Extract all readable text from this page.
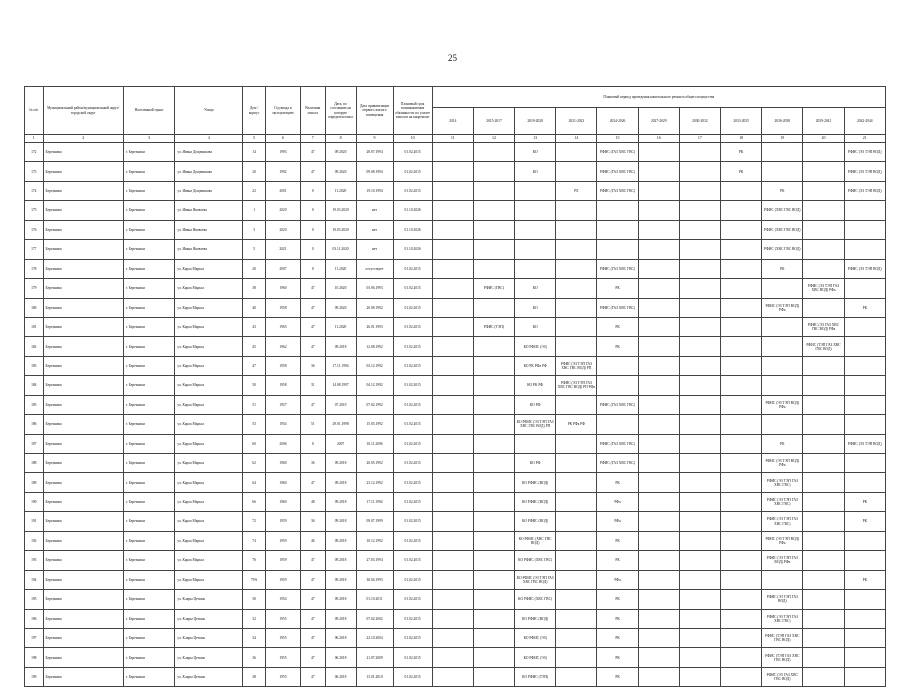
25
№ п/п	Муниципальный район/муниципальный округ/городской округ	Населенный пункт	Улица	Дом / корпус	Год ввода в эксплуатацию	Величина износа	Дата, по состоянию на которую определен износ	Дата приватизации первого жилого помещения	Плановый срок возникновения обязанности по уплате взносов на капремонт	Плановый период проведения капитального ремонта общего имущества										
										2014	2015-2017	2018-2020	2021-2023	2024-2026	2027-2029	2030-2032	2033-2035	2036-2038	2039-2041	2042-2044
1	2	3	4	5	6	7	8	9	10	11	12	13	14	15	16	17	18	19	20	21
172	Березники	г. Березники	ул. Ивана Дощеникова	14	1993	47	09.2020	28.07.1994	01.02.2015			КО		РФИС (ГАЗ ХВС ГВС)			РК			РФИС (ЭЗ ТЭП ВОД)
173	Березники	г. Березники	ул. Ивана Дощеникова	20	1992	47	09.2020	09.08.1994	01.02.2015			КО		РФИС (ГАЗ ХВС ГВС)			РК			РФИС (ЭЗ ТЭП ВОД)
174	Березники	г. Березники	ул. Ивана Дощеникова	22	2001	0	11.2020	19.10.1994	01.02.2015				РЛ	РФИС (ГАЗ ХВС ГВС)				РК		РФИС (ЭЗ ТЭП ВОД)
175	Березники	г. Березники	ул. Ивана Яковлева	1	2020	0	19.03.2020	нет	01.10.2026									РФИС (ХВС ГВС ВОД)		
176	Березники	г. Березники	ул. Ивана Яковлева	3	2020	0	19.03.2020	нет	01.10.2026									РФИС (ХВС ГВС ВОД)		
177	Березники	г. Березники	ул. Ивана Яковлева	5	2021	0	03.11.2020	нет	01.10.2026									РФИС (ХВС ГВС ВОД)		
178	Березники	г. Березники	ул. Карла Маркса	20	2007	0	11.2020	отсутствует	01.02.2015					РФИС (ГАЗ ХВС ГВС)				РК		РФИС (ЭЗ ТЭП ВОД)
179	Березники	г. Березники	ул. Карла Маркса	38	1960	47	10.2020	03.06.1993	01.02.2015		РФИС (ГВС)	КО		РК					РФИС (ЭЗ ТЭП ГАЗ ХВС ВОД) РФа	
180	Березники	г. Березники	ул. Карла Маркса	40	1958	47	09.2020	20.08.1992	01.02.2015			КО		РФИС (ГАЗ ХВС ГВС)				РФИС (ЭЗ ТЭП ВОД) РФа		РК
181	Березники	г. Березники	ул. Карла Маркса	43	1965	47	11.2020	26.01.1993	01.02.2015		РФИС (ТЭП)	КО		РК					РФИС (ЭЗ ГАЗ ХВС ГВС ВОД) РФа	
182	Березники	г. Березники	ул. Карла Маркса	45	1962	47	09.2018	12.08.1992	01.02.2015			КО РФИС (ЭЗ)		РК					РФИС (ТЭП ГАЗ ХВС ГВС ВОД)	
183	Березники	г. Березники	ул. Карла Маркса	47	1958	36	17.11.1994	03.12.1992	01.02.2015			КО РК РФа РФ	РФИС (ЭЗ ТЭП ГАЗ ХВС ГВС ВОД) РП							
184	Березники	г. Березники	ул. Карла Маркса	50	1958	31	14.08.1997	04.12.1992	01.02.2015			КО РК РФ	РФИС (ЭЗ ТЭП ГАЗ ХВС ГВС ВОД) РП РФа							
185	Березники	г. Березники	ул. Карла Маркса	51	1957	47	07.2019	07.02.1992	01.02.2015			КО РФ		РФИС (ГАЗ ХВС ГВС)				РФИС (ЭЗ ТЭП ВОД) РФа		
186	Березники	г. Березники	ул. Карла Маркса	53	1954	51	29.01.1998	15.05.1992	01.02.2015			КО РФИС (ЭЗ ТЭП ГАЗ ХВС ГВС ВОД) РП	РК РФа РФ							
187	Березники	г. Березники	ул. Карла Маркса	60	2006	0	2007	10.11.2006	01.02.2015					РФИС (ГАЗ ХВС ГВС)				РК		РФИС (ЭЗ ТЭП ВОД)
188	Березники	г. Березники	ул. Карла Маркса	62	1960	36	09.2018	20.05.1992	01.02.2015			КО РФ		РФИС (ГАЗ ХВС ГВС)				РФИС (ЭЗ ТЭП ВОД) РФа		
189	Березники	г. Березники	ул. Карла Маркса	64	1960	47	09.2018	23.12.1992	01.02.2015			КО РФИС (ВОД)		РК				РФИС (ЭЗ ТЭП ГАЗ ХВС ГВС)		
190	Березники	г. Березники	ул. Карла Маркса	66	1960	48	09.2018	17.11.1994	01.02.2015			КО РФИС (ВОД)		РФа				РФИС (ЭЗ ТЭП ГАЗ ХВС ГВС)		РК
191	Березники	г. Березники	ул. Карла Маркса	72	1959	36	09.2018	09.07.1999	01.02.2015			КО РФИС (ВОД)		РФа				РФИС (ЭЗ ТЭП ГАЗ ХВС ГВС)		РК
192	Березники	г. Березники	ул. Карла Маркса	74	1959	46	09.2018	10.12.1992	01.02.2015			КО РФИС (ХВС ГВС ВОД)		РК				РФИС (ЭЗ ТЭП ВОД) РФа		
193	Березники	г. Березники	ул. Карла Маркса	76	1959	47	09.2018	27.03.1994	01.02.2015			КО РФИС (ХВС ГВС)		РК				РФИС (ЭЗ ТЭП ГАЗ ВОД) РФа		
194	Березники	г. Березники	ул. Карла Маркса	79А	1959	47	09.2018	30.04.1993	01.02.2015			КО РФИС (ЭЗ ТЭП ГАЗ ХВС ГВС ВОД)		РФа						РК
195	Березники	г. Березники	ул. Клары Цеткин	30	1954	47	09.2018	01.10.2011	01.02.2015			КО РФИС (ХВС ГВС)		РК				РФИС (ЭЗ ТЭП ГАЗ ВОД)		
196	Березники	г. Березники	ул. Клары Цеткин	32	1955	47	09.2018	07.02.2002	01.02.2015			КО РФИС (ВОД)		РК				РФИС (ЭЗ ТЭП ГАЗ ХВС ГВС)		
197	Березники	г. Березники	ул. Клары Цеткин	34	1955	47	06.2018	22.10.2004	01.02.2015			КО РФИС (ЭЗ)		РК				РФИС (ТЭП ГАЗ ХВС ГВС ВОД)		
198	Березники	г. Березники	ул. Клары Цеткин	36	1955	47	06.2018	21.07.2009	01.02.2015			КО РФИС (ЭЗ)		РК				РФИС (ТЭП ГАЗ ХВС ГВС ВОД)		
199	Березники	г. Березники	ул. Клары Цеткин	38	1955	47	06.2018	13.01.2010	01.02.2015			КО РФИС (ТЭП)		РК				РФИС (ЭЗ ГАЗ ХВС ГВС ВОД)		
